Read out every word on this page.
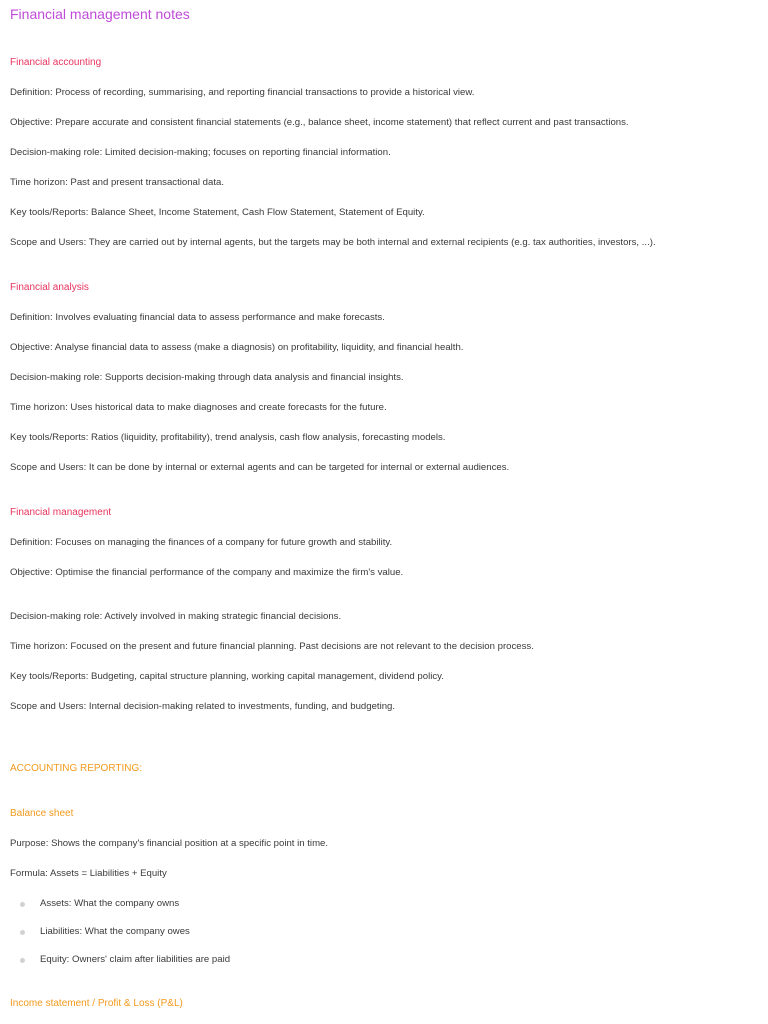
Financial management notes
Financial accounting
Definition: Process of recording, summarising, and reporting financial transactions to provide a historical view.
Objective: Prepare accurate and consistent financial statements (e.g., balance sheet, income statement) that reflect current and past transactions.
Decision-making role: Limited decision-making; focuses on reporting financial information.
Time horizon: Past and present transactional data.
Key tools/Reports: Balance Sheet, Income Statement, Cash Flow Statement, Statement of Equity.
Scope and Users: They are carried out by internal agents, but the targets may be both internal and external recipients (e.g. tax authorities, investors, ...).
Financial analysis
Definition: Involves evaluating financial data to assess performance and make forecasts.
Objective: Analyse financial data to assess (make a diagnosis) on profitability, liquidity, and financial health.
Decision-making role: Supports decision-making through data analysis and financial insights.
Time horizon: Uses historical data to make diagnoses and create forecasts for the future.
Key tools/Reports: Ratios (liquidity, profitability), trend analysis, cash flow analysis, forecasting models.
Scope and Users: It can be done by internal or external agents and can be targeted for internal or external audiences.
Financial management
Definition: Focuses on managing the finances of a company for future growth and stability.
Objective: Optimise the financial performance of the company and maximize the firm's value.
Decision-making role: Actively involved in making strategic financial decisions.
Time horizon: Focused on the present and future financial planning. Past decisions are not relevant to the decision process.
Key tools/Reports: Budgeting, capital structure planning, working capital management, dividend policy.
Scope and Users: Internal decision-making related to investments, funding, and budgeting.
ACCOUNTING REPORTING:
Balance sheet
Purpose: Shows the company's financial position at a specific point in time.
Formula: Assets = Liabilities + Equity
Assets: What the company owns
Liabilities: What the company owes
Equity: Owners' claim after liabilities are paid
Income statement / Profit & Loss (P&L)
